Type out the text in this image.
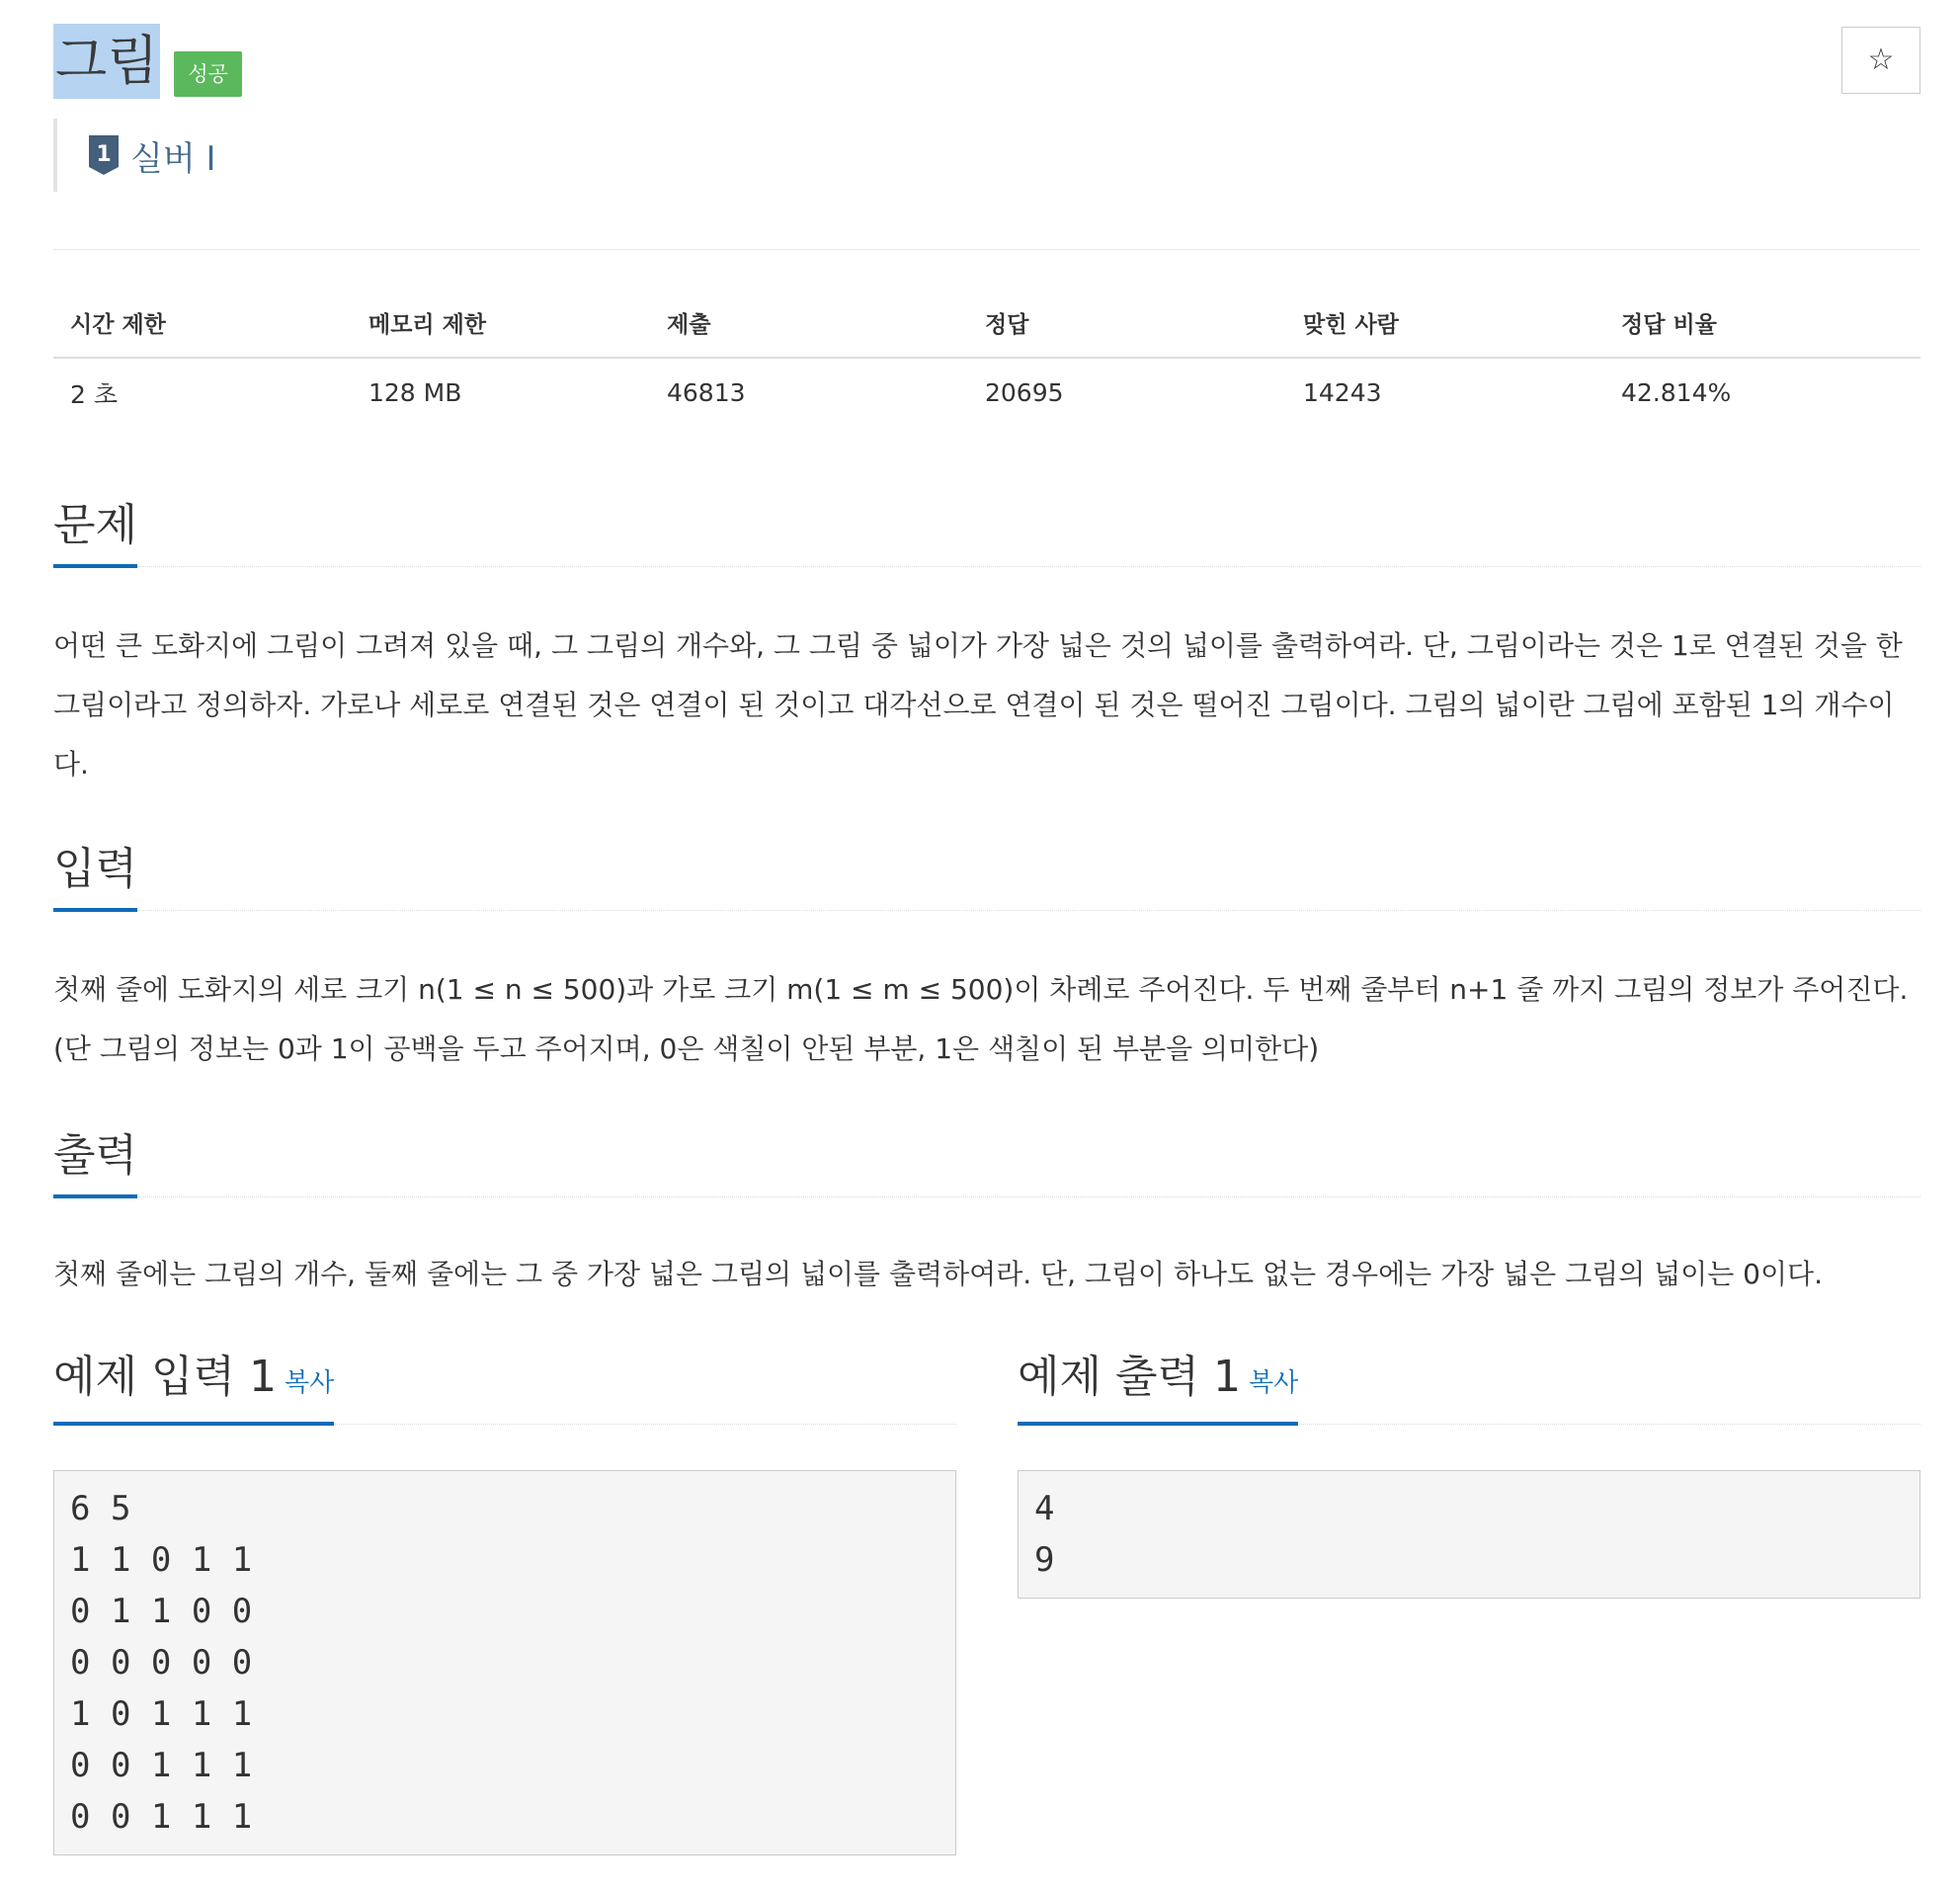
그림	성공	☆
1 실버 I
시간 제한	메모리 제한	제출	정답	맞힌 사람	정답 비율
2 초	128 MB	46813	20695	14243	42.814%
문제

어떤 큰 도화지에 그림이 그려져 있을 때, 그 그림의 개수와, 그 그림 중 넓이가 가장 넓은 것의 넓이를 출력하여라. 단, 그림이라는 것은 1로 연결된 것을 한 그림이라고 정의하자. 가로나 세로로 연결된 것은 연결이 된 것이고 대각선으로 연결이 된 것은 떨어진 그림이다. 그림의 넓이란 그림에 포함된 1의 개수이다.

입력

첫째 줄에 도화지의 세로 크기 n(1 ≤ n ≤ 500)과 가로 크기 m(1 ≤ m ≤ 500)이 차례로 주어진다. 두 번째 줄부터 n+1 줄 까지 그림의 정보가 주어진다. (단 그림의 정보는 0과 1이 공백을 두고 주어지며, 0은 색칠이 안된 부분, 1은 색칠이 된 부분을 의미한다)

출력

첫째 줄에는 그림의 개수, 둘째 줄에는 그 중 가장 넓은 그림의 넓이를 출력하여라. 단, 그림이 하나도 없는 경우에는 가장 넓은 그림의 넓이는 0이다.

예제 입력 1 복사
6 5
1 1 0 1 1
0 1 1 0 0
0 0 0 0 0
1 0 1 1 1
0 0 1 1 1
0 0 1 1 1
예제 출력 1 복사
4
9
